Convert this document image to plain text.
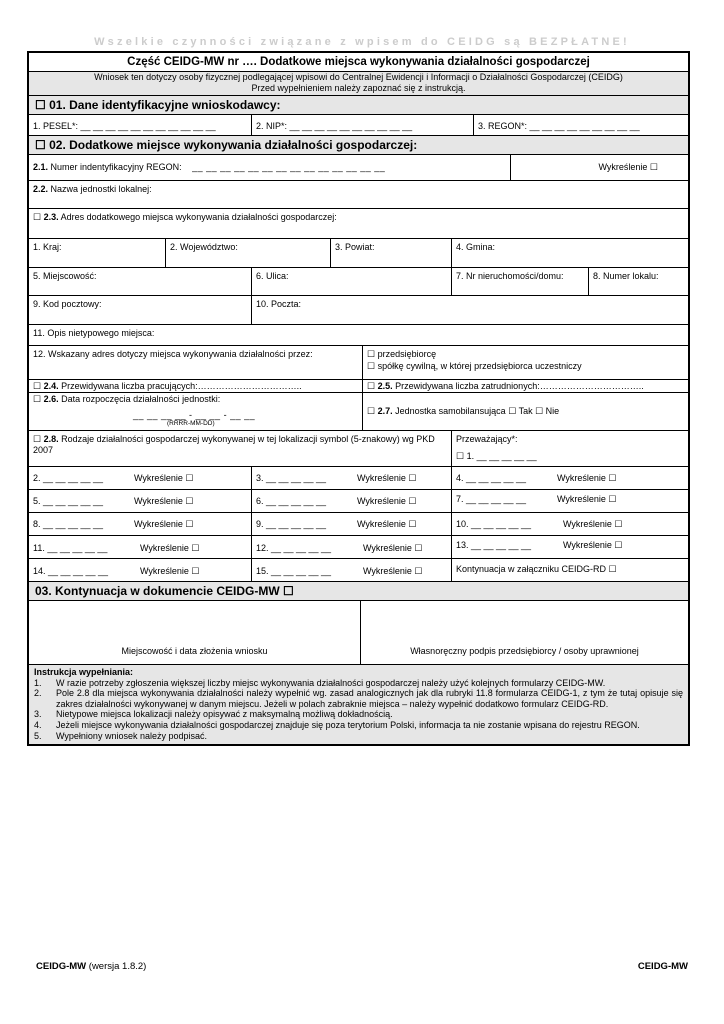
Wszelkie czynności związane z wpisem do CEIDG są BEZPŁATNE!
Część CEIDG-MW nr …. Dodatkowe miejsca wykonywania działalności gospodarczej
Wniosek ten dotyczy osoby fizycznej podlegającej wpisowi do Centralnej Ewidencji i Informacji o Działalności Gospodarczej (CEIDG)
Przed wypełnieniem należy zapoznać się z instrukcją.
☐ 01. Dane identyfikacyjne wnioskodawcy:
1. PESEL*: __ __ __ __ __ __ __ __ __ __ __	2. NIP*: __ __ __ __ __ __ __ __ __ __	3. REGON*: __ __ __ __ __ __ __ __ __
☐ 02. Dodatkowe miejsce wykonywania działalności gospodarczej:
2.1. Numer indentyfikacyjny REGON: __ __ __ __ __ __ __ __ __ __ __ __ __ __	Wykreślenie ☐
2.2. Nazwa jednostki lokalnej:
☐ 2.3. Adres dodatkowego miejsca wykonywania działalności gospodarczej:
1. Kraj:	2. Województwo:	3. Powiat:	4. Gmina:
5. Miejscowość:	6. Ulica:	7. Nr nieruchomości/domu:	8. Numer lokalu:
9. Kod pocztowy:	10. Poczta:
11. Opis nietypowego miejsca:
12. Wskazany adres dotyczy miejsca wykonywania działalności przez:	☐ przedsiębiorcę
☐ spółkę cywilną, w której przedsiębiorca uczestniczy
☐ 2.4. Przewidywana liczba pracujących:……………………………..	☐ 2.5. Przewidywana liczba zatrudnionych:……………………………..
☐ 2.6. Data rozpoczęcia działalności jednostki:
__ __ __ __ - __ __ - __ __
(RRRR-MM-DD)
☐ 2.7. Jednostka samobilansująca ☐ Tak ☐ Nie
☐ 2.8. Rodzaje działalności gospodarczej wykonywanej w tej lokalizacji symbol (5-znakowy) wg PKD 2007
Przeważający*:
☐ 1. __ __ __ __ __
2. __ __ __ __ __	Wykreślenie ☐	3. __ __ __ __ __	Wykreślenie ☐	4. __ __ __ __ __	Wykreślenie ☐
5. __ __ __ __ __	Wykreślenie ☐	6. __ __ __ __ __	Wykreślenie ☐	7. __ __ __ __ __	Wykreślenie ☐
8. __ __ __ __ __	Wykreślenie ☐	9. __ __ __ __ __	Wykreślenie ☐	10. __ __ __ __ __	Wykreślenie ☐
11. __ __ __ __ __	Wykreślenie ☐	12. __ __ __ __ __	Wykreślenie ☐	13. __ __ __ __ __	Wykreślenie ☐
14. __ __ __ __ __	Wykreślenie ☐	15. __ __ __ __ __	Wykreślenie ☐	Kontynuacja w załączniku CEIDG-RD ☐
03. Kontynuacja w dokumencie CEIDG-MW ☐
Miejscowość i data złożenia wniosku	Własnoręczny podpis przedsiębiorcy / osoby uprawnionej
Instrukcja wypełniania:
1. W razie potrzeby zgłoszenia większej liczby miejsc wykonywania działalności gospodarczej należy użyć kolejnych formularzy CEIDG-MW.
2. Pole 2.8 dla miejsca wykonywania działalności należy wypełnić wg. zasad analogicznych jak dla rubryki 11.8 formularza CEIDG-1, z tym że tutaj opisuje się zakres działalności wykonywanej w danym miejscu. Jeżeli w polach zabraknie miejsca – należy wypełnić dodatkowo formularz CEIDG-RD.
3. Nietypowe miejsca lokalizacji należy opisywać z maksymalną możliwą dokładnością.
4. Jeżeli miejsce wykonywania działalności gospodarczej znajduje się poza terytorium Polski, informacja ta nie zostanie wpisana do rejestru REGON.
5. Wypełniony wniosek należy podpisać.
CEIDG-MW (wersja 1.8.2)	CEIDG-MW
